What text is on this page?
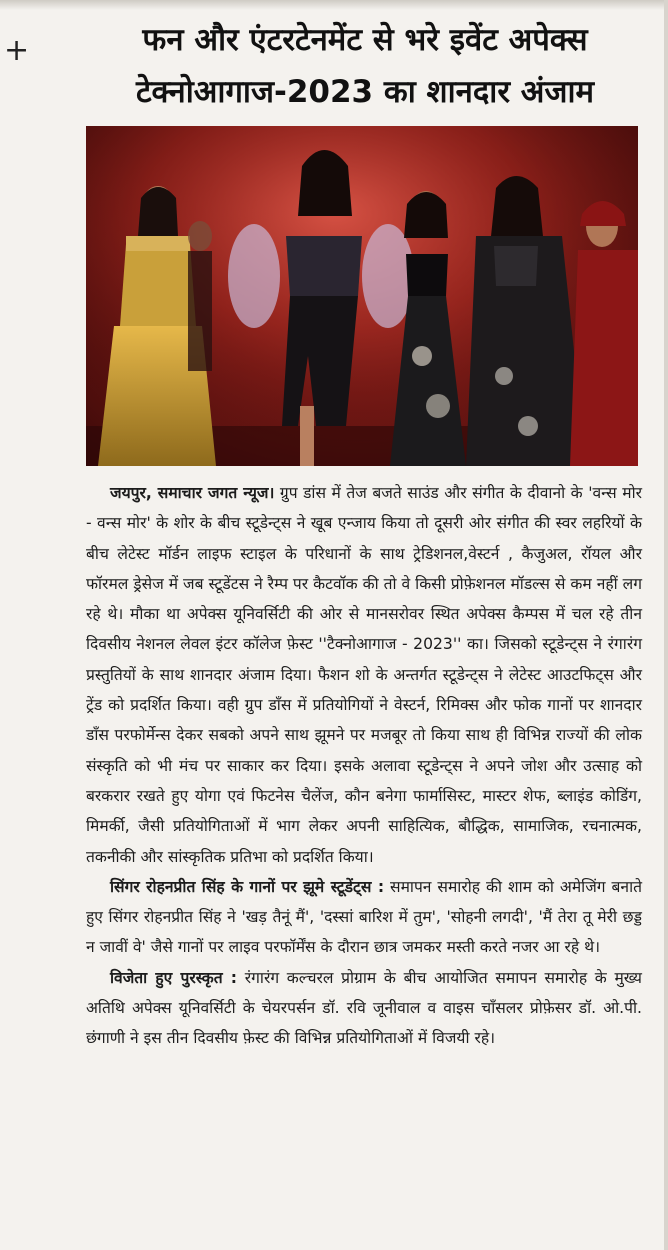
+	फन और एंटरटेनमेंट से भरे इवेंट अपेक्स
टेक्नोआगाज-2023 का शानदार अंजाम

जयपुर, समाचार जगत न्यूज। ग्रुप डांस में तेज बजते साउंड और संगीत के दीवानो के 'वन्स मोर - वन्स मोर' के शोर के बीच स्टूडेन्ट्स ने खूब एन्जाय किया तो दूसरी ओर संगीत की स्वर लहरियों के बीच लेटेस्ट मॉर्डन लाइफ स्टाइल के परिधानों के साथ ट्रेडिशनल,वेस्टर्न , कैजुअल, रॉयल और फॉरमल ड्रेसेज में जब स्टूडेंटस ने रैम्प पर कैटवॉक की तो वे किसी प्रोफ़ेशनल मॉडल्स से कम नहीं लग रहे थे। मौका था अपेक्स यूनिवर्सिटी की ओर से मानसरोवर स्थित अपेक्स कैम्पस में चल रहे तीन दिवसीय नेशनल लेवल इंटर कॉलेज फ़ेस्ट ''टैक्नोआगाज - 2023'' का। जिसको स्टूडेन्ट्स ने रंगारंग प्रस्तुतियों के साथ शानदार अंजाम दिया। फैशन शो के अन्तर्गत स्टूडेन्ट्स ने लेटेस्ट आउटफिट्स और ट्रेंड को प्रदर्शित किया। वही ग्रुप डाँस में प्रतियोगियों ने वेस्टर्न, रिमिक्स और फोक गानों पर शानदार डाँस परफोर्मेन्स देकर सबको अपने साथ झूमने पर मजबूर तो किया साथ ही विभिन्न राज्यों की लोक संस्कृति को भी मंच पर साकार कर दिया। इसके अलावा स्टूडेन्ट्स ने अपने जोश और उत्साह को बरकरार रखते हुए योगा एवं फिटनेस चैलेंज, कौन बनेगा फार्मासिस्ट, मास्टर शेफ, ब्लाइंड कोडिंग, मिमर्की, जैसी प्रतियोगिताओं में भाग लेकर अपनी साहित्यिक, बौद्धिक, सामाजिक, रचनात्मक, तकनीकी और सांस्कृतिक प्रतिभा को प्रदर्शित किया।

सिंगर रोहनप्रीत सिंह के गानों पर झूमे स्टूडेंट्स : समापन समारोह की शाम को अमेजिंग बनाते हुए सिंगर रोहनप्रीत सिंह ने 'खड़ तैनूं मैं', 'दस्सां बारिश में तुम', 'सोहनी लगदी', 'मैं तेरा तू मेरी छड्ड न जावीं वे' जैसे गानों पर लाइव परफॉर्मेंस के दौरान छात्र जमकर मस्ती करते नजर आ रहे थे।

विजेता हुए पुरस्कृत : रंगारंग कल्चरल प्रोग्राम के बीच आयोजित समापन समारोह के मुख्य अतिथि अपेक्स यूनिवर्सिटी के चेयरपर्सन डॉ. रवि जूनीवाल व वाइस चाँसलर प्रोफ़ेसर डॉ. ओ.पी. छंगाणी ने इस तीन दिवसीय फ़ेस्ट की विभिन्न प्रतियोगिताओं में विजयी रहे।
